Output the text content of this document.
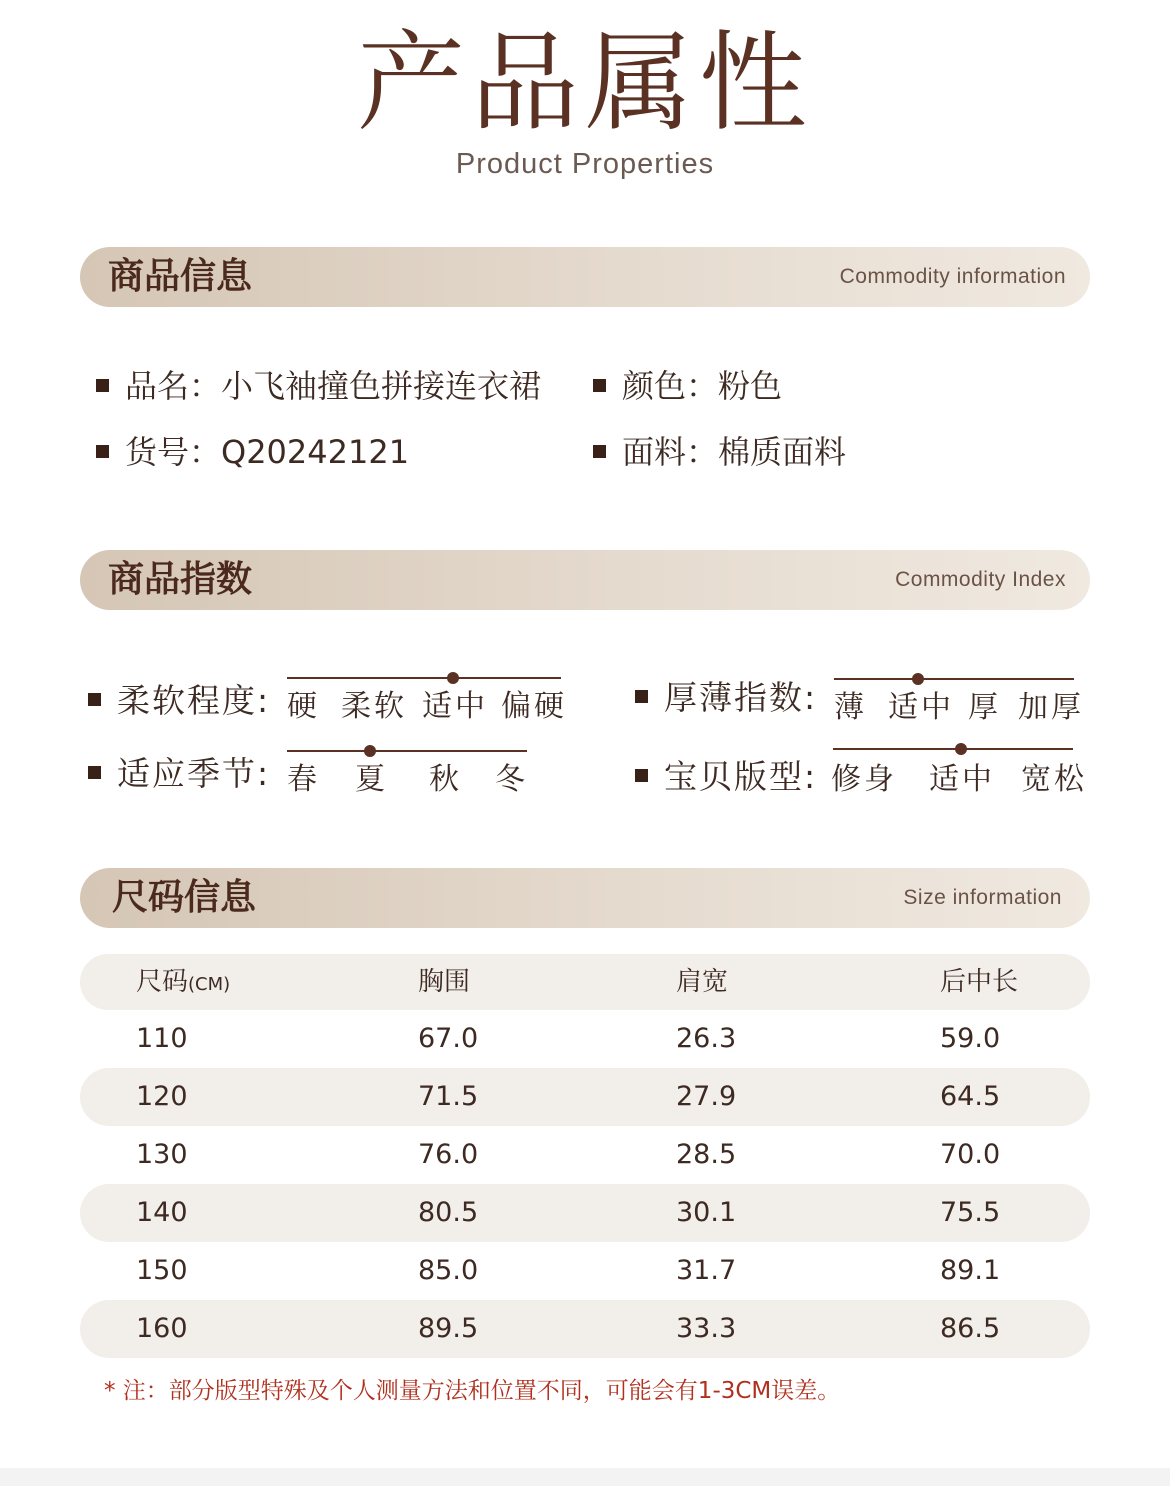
产品属性
Product Properties
商品信息	Commodity information
品名：小飞袖撞色拼接连衣裙	颜色：粉色
货号：Q20242121	面料：棉质面料
商品指数	Commodity Index
柔软程度: 硬 柔软 适中 偏硬	厚薄指数: 薄 适中 厚 加厚
适应季节: 春 夏 秋 冬	宝贝版型: 修身 适中 宽松
尺码信息	Size information
尺码(CM)	胸围	肩宽	后中长
110	67.0	26.3	59.0
120	71.5	27.9	64.5
130	76.0	28.5	70.0
140	80.5	30.1	75.5
150	85.0	31.7	89.1
160	89.5	33.3	86.5
* 注：部分版型特殊及个人测量方法和位置不同，可能会有1-3CM误差。
